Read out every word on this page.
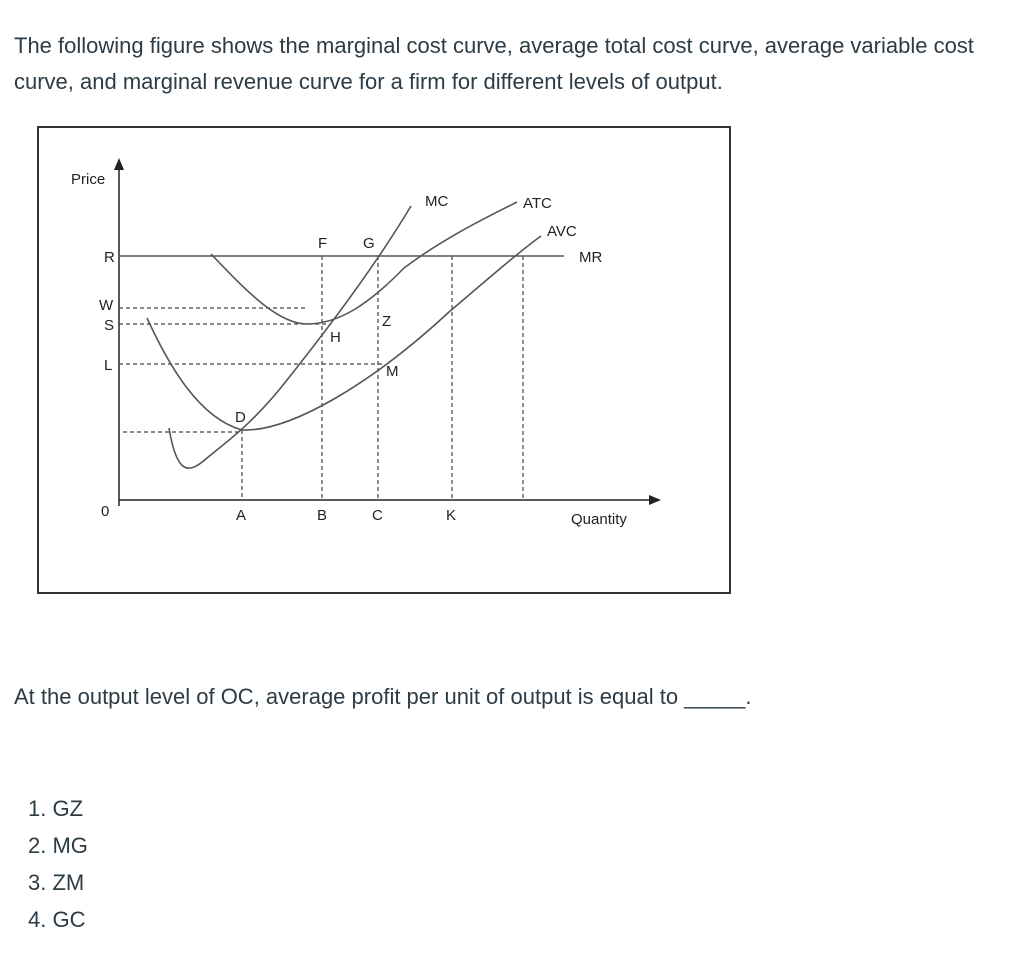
The following figure shows the marginal cost curve, average total cost curve, average variable cost curve, and marginal revenue curve for a firm for different levels of output.

Price
R
W
S
L
0	A	B	C	K	Quantity
MC	ATC
AVC
MR
F G
H
Z
M
D

At the output level of OC, average profit per unit of output is equal to _____.

1. GZ
2. MG
3. ZM
4. GC
